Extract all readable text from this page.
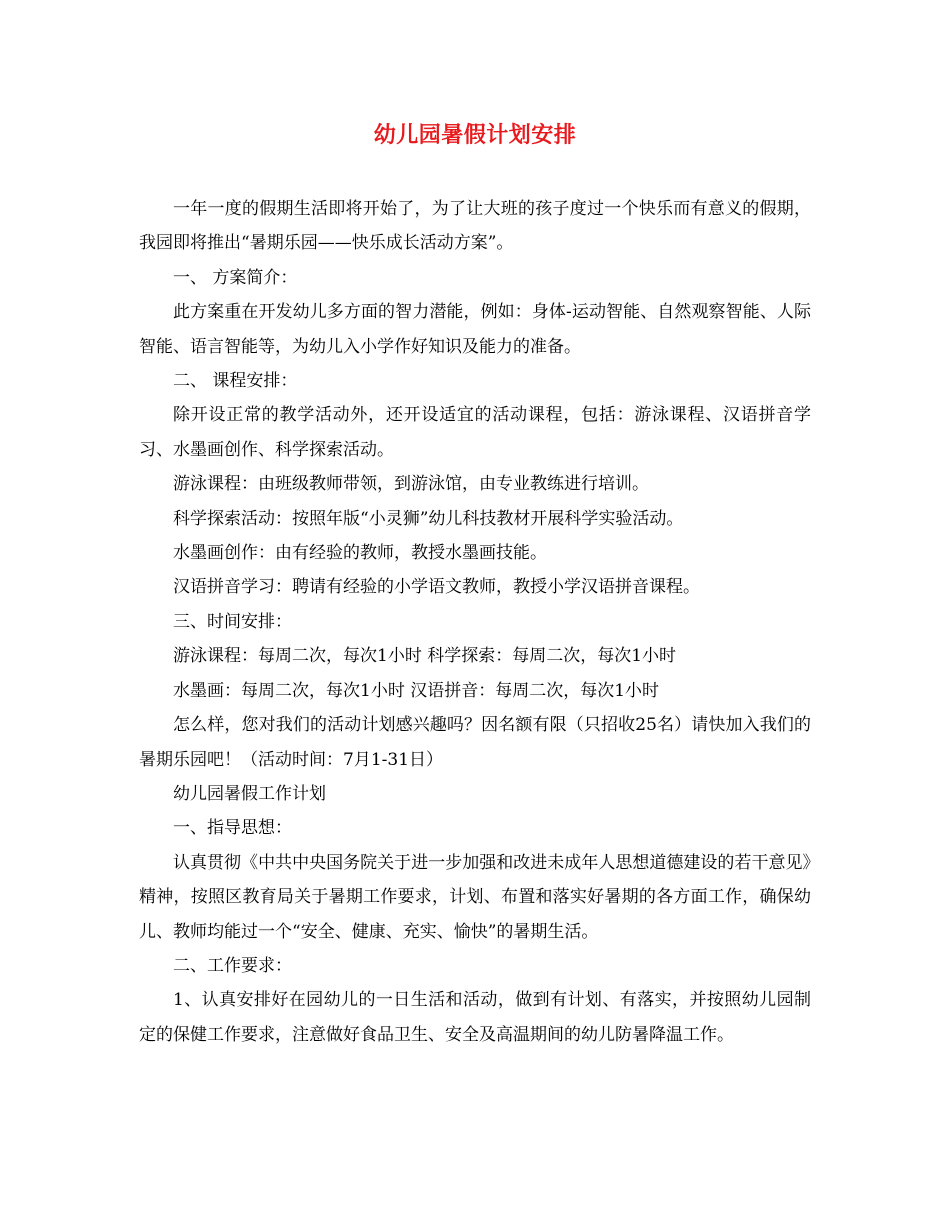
幼儿园暑假计划安排

一年一度的假期生活即将开始了，为了让大班的孩子度过一个快乐而有意义的假期，我园即将推出“暑期乐园——快乐成长活动方案”。

一、 方案简介：

此方案重在开发幼儿多方面的智力潜能，例如：身体-运动智能、自然观察智能、人际智能、语言智能等，为幼儿入小学作好知识及能力的准备。

二、 课程安排：

除开设正常的教学活动外，还开设适宜的活动课程，包括：游泳课程、汉语拼音学习、水墨画创作、科学探索活动。

游泳课程：由班级教师带领，到游泳馆，由专业教练进行培训。

科学探索活动：按照年版“小灵狮”幼儿科技教材开展科学实验活动。

水墨画创作：由有经验的教师，教授水墨画技能。

汉语拼音学习：聘请有经验的小学语文教师，教授小学汉语拼音课程。

三、时间安排：

游泳课程：每周二次，每次1小时 科学探索：每周二次，每次1小时

水墨画：每周二次，每次1小时 汉语拼音：每周二次，每次1小时

怎么样，您对我们的活动计划感兴趣吗？因名额有限（只招收25名）请快加入我们的暑期乐园吧！（活动时间：7月1-31日）

幼儿园暑假工作计划

一、指导思想：

认真贯彻《中共中央国务院关于进一步加强和改进未成年人思想道德建设的若干意见》精神，按照区教育局关于暑期工作要求，计划、布置和落实好暑期的各方面工作，确保幼儿、教师均能过一个“安全、健康、充实、愉快”的暑期生活。

二、工作要求：

1、认真安排好在园幼儿的一日生活和活动，做到有计划、有落实，并按照幼儿园制定的保健工作要求，注意做好食品卫生、安全及高温期间的幼儿防暑降温工作。
